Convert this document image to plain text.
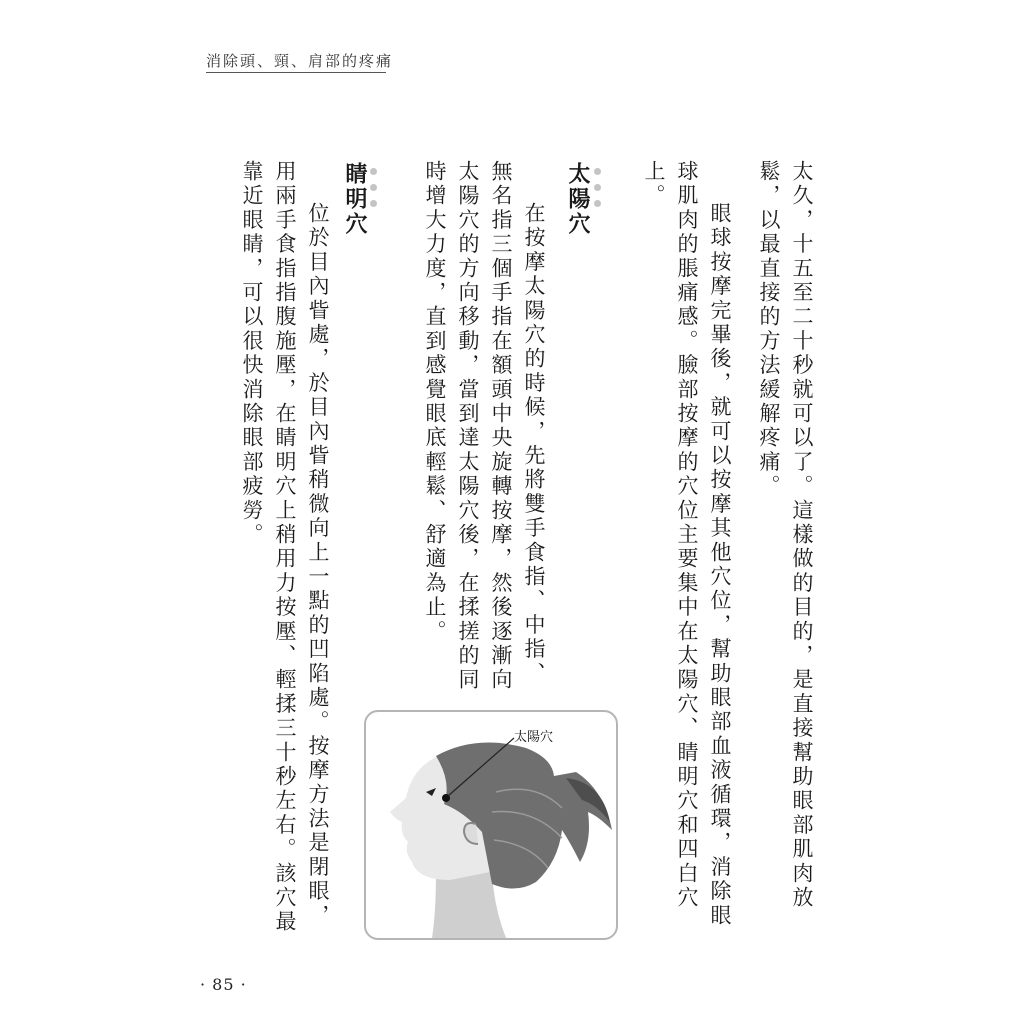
消除頭、頸、肩部的疼痛

太久，十五至二十秒就可以了。這樣做的目的，是直接幫助眼部肌肉放鬆，以最直接的方法緩解疼痛。

眼球按摩完畢後，就可以按摩其他穴位，幫助眼部血液循環，消除眼球肌肉的脹痛感。臉部按摩的穴位主要集中在太陽穴、睛明穴和四白穴上。

太陽穴

在按摩太陽穴的時候，先將雙手食指、中指、無名指三個手指在額頭中央旋轉按摩，然後逐漸向太陽穴的方向移動，當到達太陽穴後，在揉搓的同時增大力度，直到感覺眼底輕鬆、舒適為止。

睛明穴

位於目內眥處，於目內眥稍微向上一點的凹陷處。按摩方法是閉眼，用兩手食指指腹施壓，在睛明穴上稍用力按壓、輕揉三十秒左右。該穴最靠近眼睛，可以很快消除眼部疲勞。

太陽穴
· 85 ·
